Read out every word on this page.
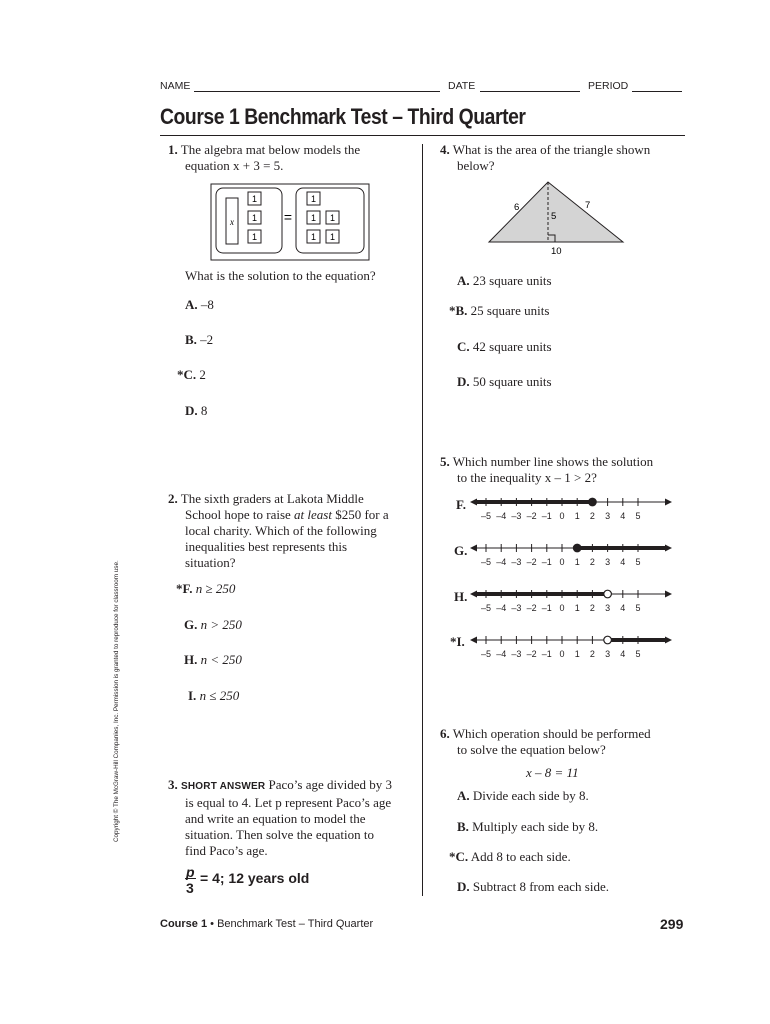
NAME	DATE	PERIOD
Course 1 Benchmark Test – Third Quarter
Copyright © The McGraw-Hill Companies, Inc. Permission is granted to reproduce for classroom use.
1. The algebra mat below models the
equation x + 3 = 5.
x
1
1
1
=
1
1 1
1 1
What is the solution to the equation?
A. –8
B. –2
*C. 2
D. 8
2. The sixth graders at Lakota Middle
School hope to raise at least $250 for a
local charity. Which of the following
inequalities best represents this
situation?
*F. n ≥ 250
G. n > 250
H. n < 250
I. n ≤ 250
3. SHORT ANSWER Paco’s age divided by 3
is equal to 4. Let p represent Paco’s age
and write an equation to model the
situation. Then solve the equation to
find Paco’s age.
p
3
= 4; 12 years old
4. What is the area of the triangle shown
below?
6	7
5
10
A. 23 square units
*B. 25 square units
C. 42 square units
D. 50 square units
5. Which number line shows the solution
to the inequality x – 1 > 2?
F.
G.
H.
*I.
–5 –4 –3 –2 –1 0 1 2 3 4 5
–5 –4 –3 –2 –1 0 1 2 3 4 5
–5 –4 –3 –2 –1 0 1 2 3 4 5
–5 –4 –3 –2 –1 0 1 2 3 4 5
6. Which operation should be performed
to solve the equation below?
x – 8 = 11
A. Divide each side by 8.
B. Multiply each side by 8.
*C. Add 8 to each side.
D. Subtract 8 from each side.
Course 1 • Benchmark Test – Third Quarter	299
